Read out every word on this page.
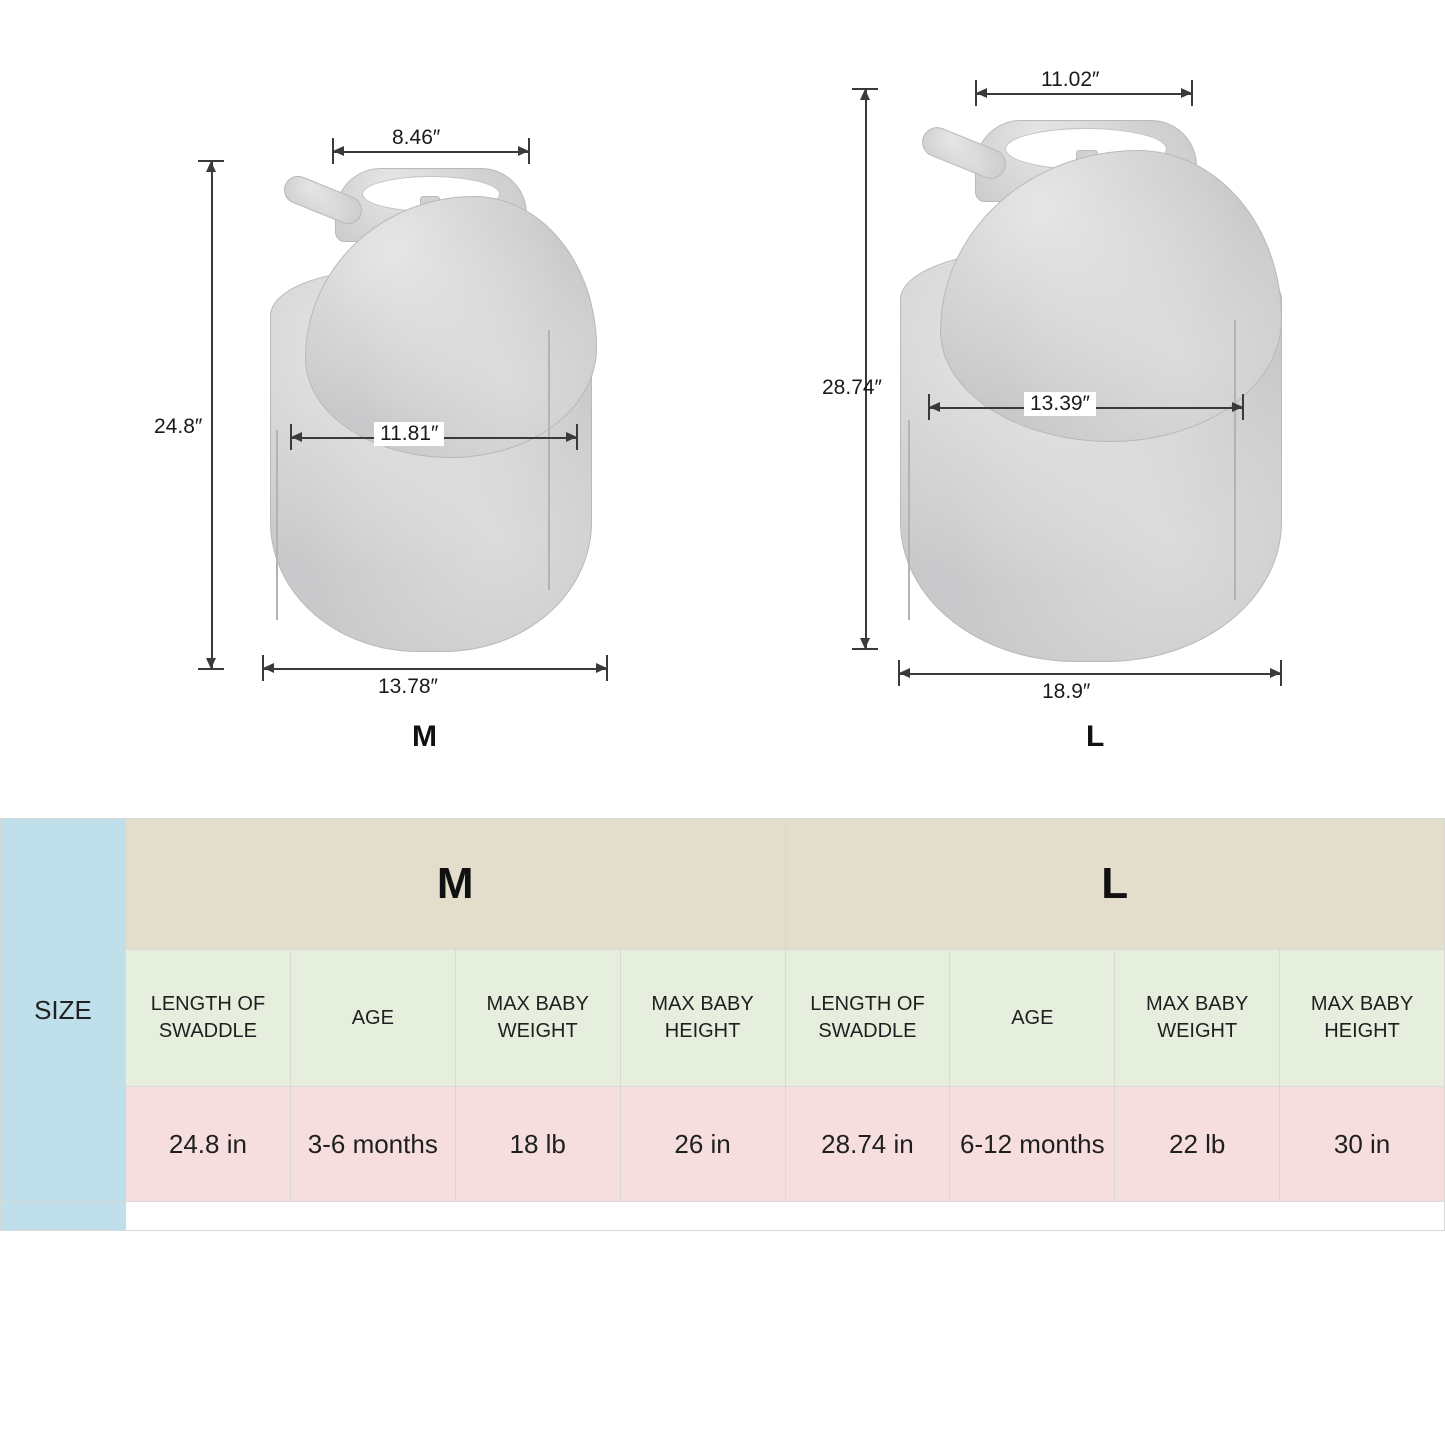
8.46″
11.81″
24.8″
13.78″
M
11.02″
13.39″
28.74″
18.9″
L
SIZE	M				L			
	LENGTH OF SWADDLE	AGE	MAX BABY WEIGHT	MAX BABY HEIGHT	LENGTH OF SWADDLE	AGE	MAX BABY WEIGHT	MAX BABY HEIGHT
	24.8 in	3-6 months	18 lb	26 in	28.74 in	6-12 months	22 lb	30 in
